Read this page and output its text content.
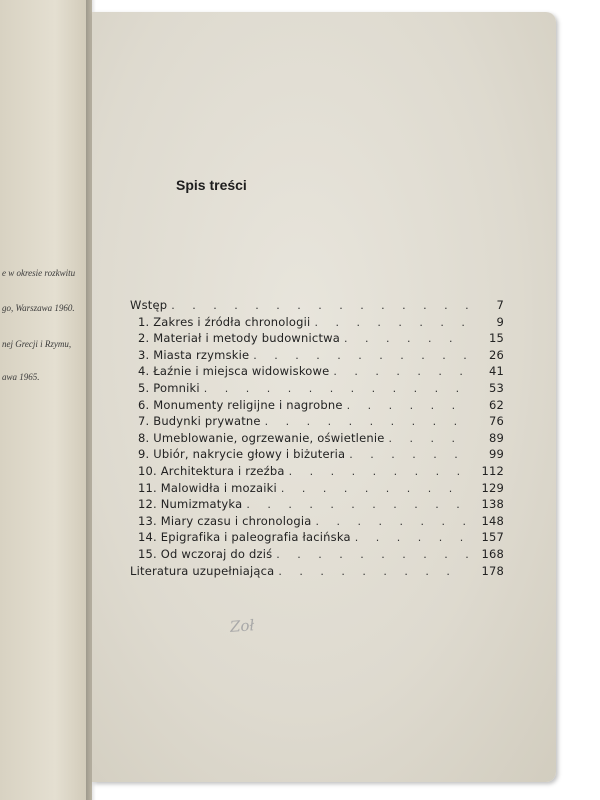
e w okresie rozkwitu
go, Warszawa 1960.
nej Grecji i Rzymu,
awa 1965.
Spis treści
Wstęp . . .	7
1. Zakres i źródła chronologii . . .	9
2. Materiał i metody budownictwa . . .	15
3. Miasta rzymskie . . .	26
4. Łaźnie i miejsca widowiskowe . . .	41
5. Pomniki . . .	53
6. Monumenty religijne i nagrobne . . .	62
7. Budynki prywatne . . .	76
8. Umeblowanie, ogrzewanie, oświetlenie . . .	89
9. Ubiór, nakrycie głowy i biżuteria . . .	99
10. Architektura i rzeźba . . .	112
11. Malowidła i mozaiki . . .	129
12. Numizmatyka . . .	138
13. Miary czasu i chronologia . . .	148
14. Epigrafika i paleografia łacińska . . .	157
15. Od wczoraj do dziś . . .	168
Literatura uzupełniająca . . .	178
Zoł
